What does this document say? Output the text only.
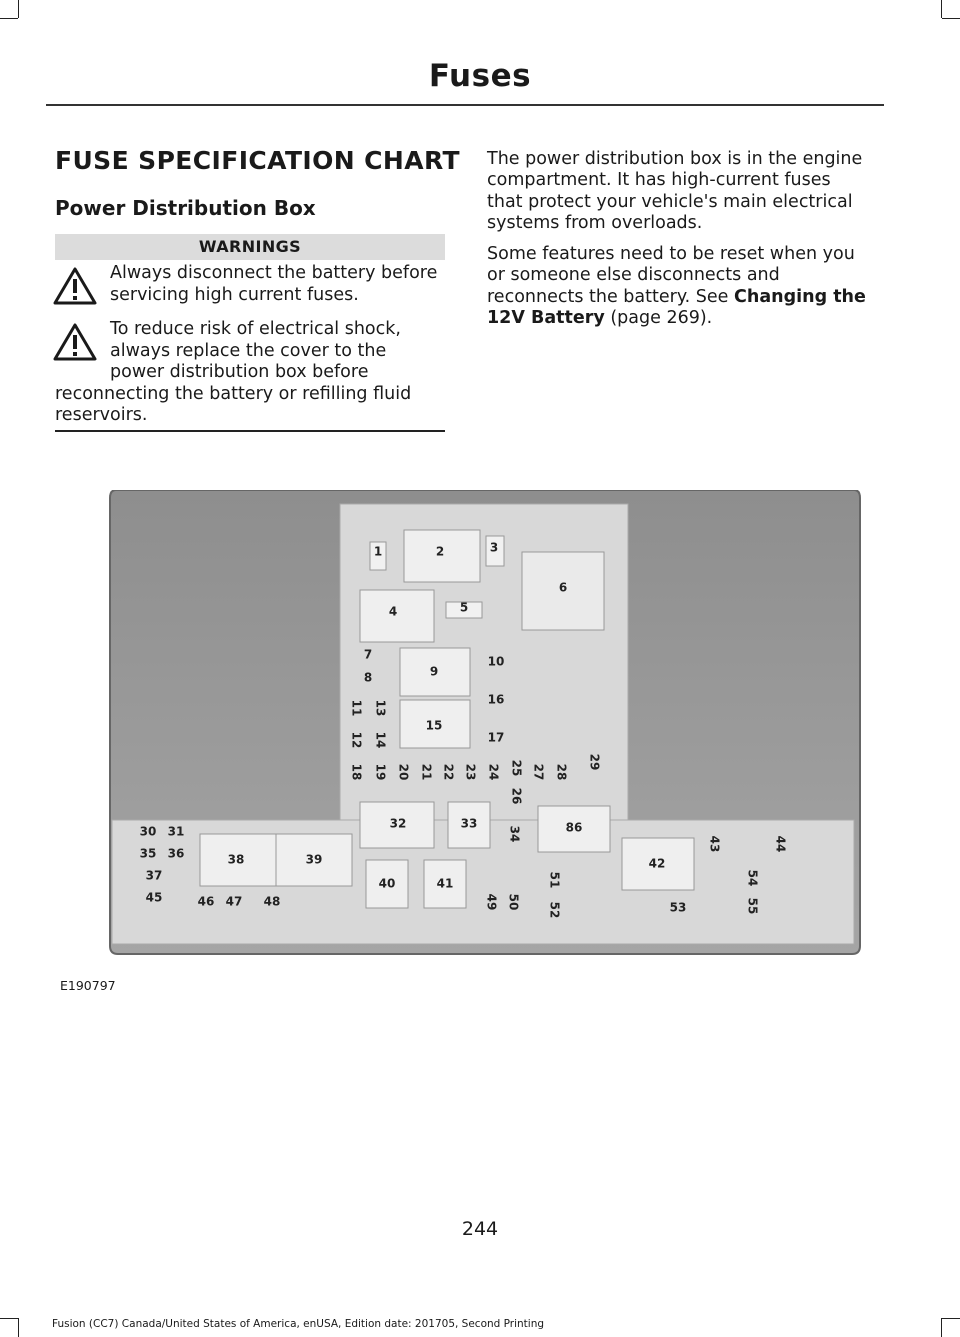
Fuses
FUSE SPECIFICATION CHART
Power Distribution Box
WARNINGS
Always disconnect the battery before
servicing high current fuses.
To reduce risk of electrical shock,
always replace the cover to the
power distribution box before
reconnecting the battery or refilling fluid
reservoirs.
The power distribution box is in the engine
compartment. It has high-current fuses
that protect your vehicle's main electrical
systems from overloads.
Some features need to be reset when you
or someone else disconnects and
reconnects the battery. See Changing the
12V Battery (page 269).
1	2	3
4	5
6
7
8	9
10
11
12
13
14
15
16
17
18 19 20 21 22 23 24 25
26
27 28
29
30 31
32	33
34
35 36
37
38	39
40	41
42
43	44
45	46 47 48	49 50
51
52	53
54
55
86
E190797
244
Fusion (CC7) Canada/United States of America, enUSA, Edition date: 201705, Second Printing
